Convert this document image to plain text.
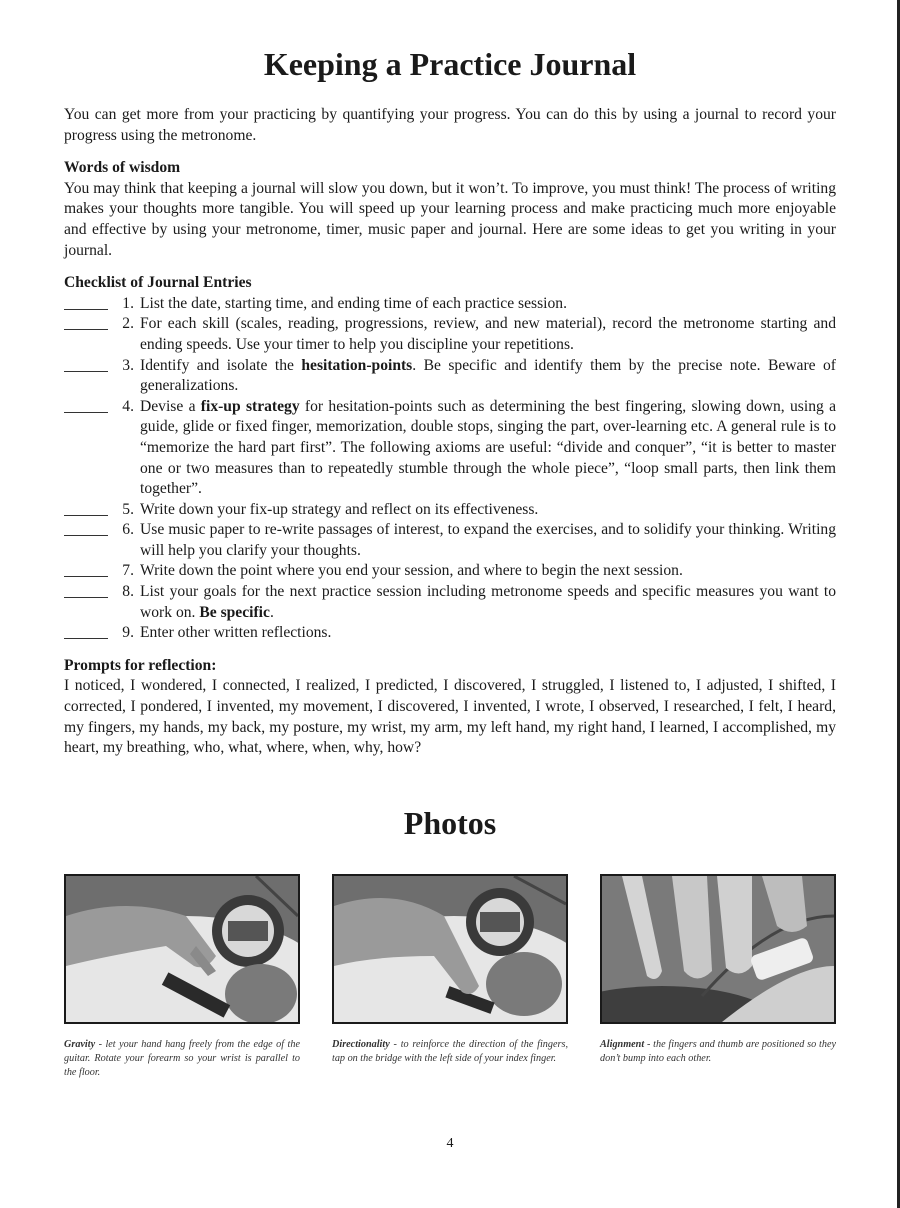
Keeping a Practice Journal

You can get more from your practicing by quantifying your progress. You can do this by using a journal to record your progress using the metronome.

Words of wisdom

You may think that keeping a journal will slow you down, but it won’t. To improve, you must think! The process of writing makes your thoughts more tangible. You will speed up your learning process and make practicing much more enjoyable and effective by using your metronome, timer, music paper and journal. Here are some ideas to get you writing in your journal.

Checklist of Journal Entries
1. List the date, starting time, and ending time of each practice session.
2. For each skill (scales, reading, progressions, review, and new material), record the metronome starting and ending speeds. Use your timer to help you discipline your repetitions.
3. Identify and isolate the hesitation-points. Be specific and identify them by the precise note. Beware of generalizations.
4. Devise a fix-up strategy for hesitation-points such as determining the best fingering, slowing down, using a guide, glide or fixed finger, memorization, double stops, singing the part, over-learning etc. A general rule is to “memorize the hard part first”. The following axioms are useful: “divide and conquer”, “it is better to master one or two measures than to repeatedly stumble through the whole piece”, “loop small parts, then link them together”.
5. Write down your fix-up strategy and reflect on its effectiveness.
6. Use music paper to re-write passages of interest, to expand the exercises, and to solidify your thinking. Writing will help you clarify your thoughts.
7. Write down the point where you end your session, and where to begin the next session.
8. List your goals for the next practice session including metronome speeds and specific measures you want to work on. Be specific.
9. Enter other written reflections.
Prompts for reflection:

I noticed, I wondered, I connected, I realized, I predicted, I discovered, I struggled, I listened to, I adjusted, I shifted, I corrected, I pondered, I invented, my movement, I discovered, I invented, I wrote, I observed, I researched, I felt, I heard, my fingers, my hands, my back, my posture, my wrist, my arm, my left hand, my right hand, I learned, I accomplished, my heart, my breathing, who, what, where, when, why, how?

Photos
Gravity - let your hand hang freely from the edge of the guitar. Rotate your forearm so your wrist is parallel to the floor.
Directionality - to reinforce the direction of the fingers, tap on the bridge with the left side of your index finger.
Alignment - the fingers and thumb are positioned so they don’t bump into each other.
4
